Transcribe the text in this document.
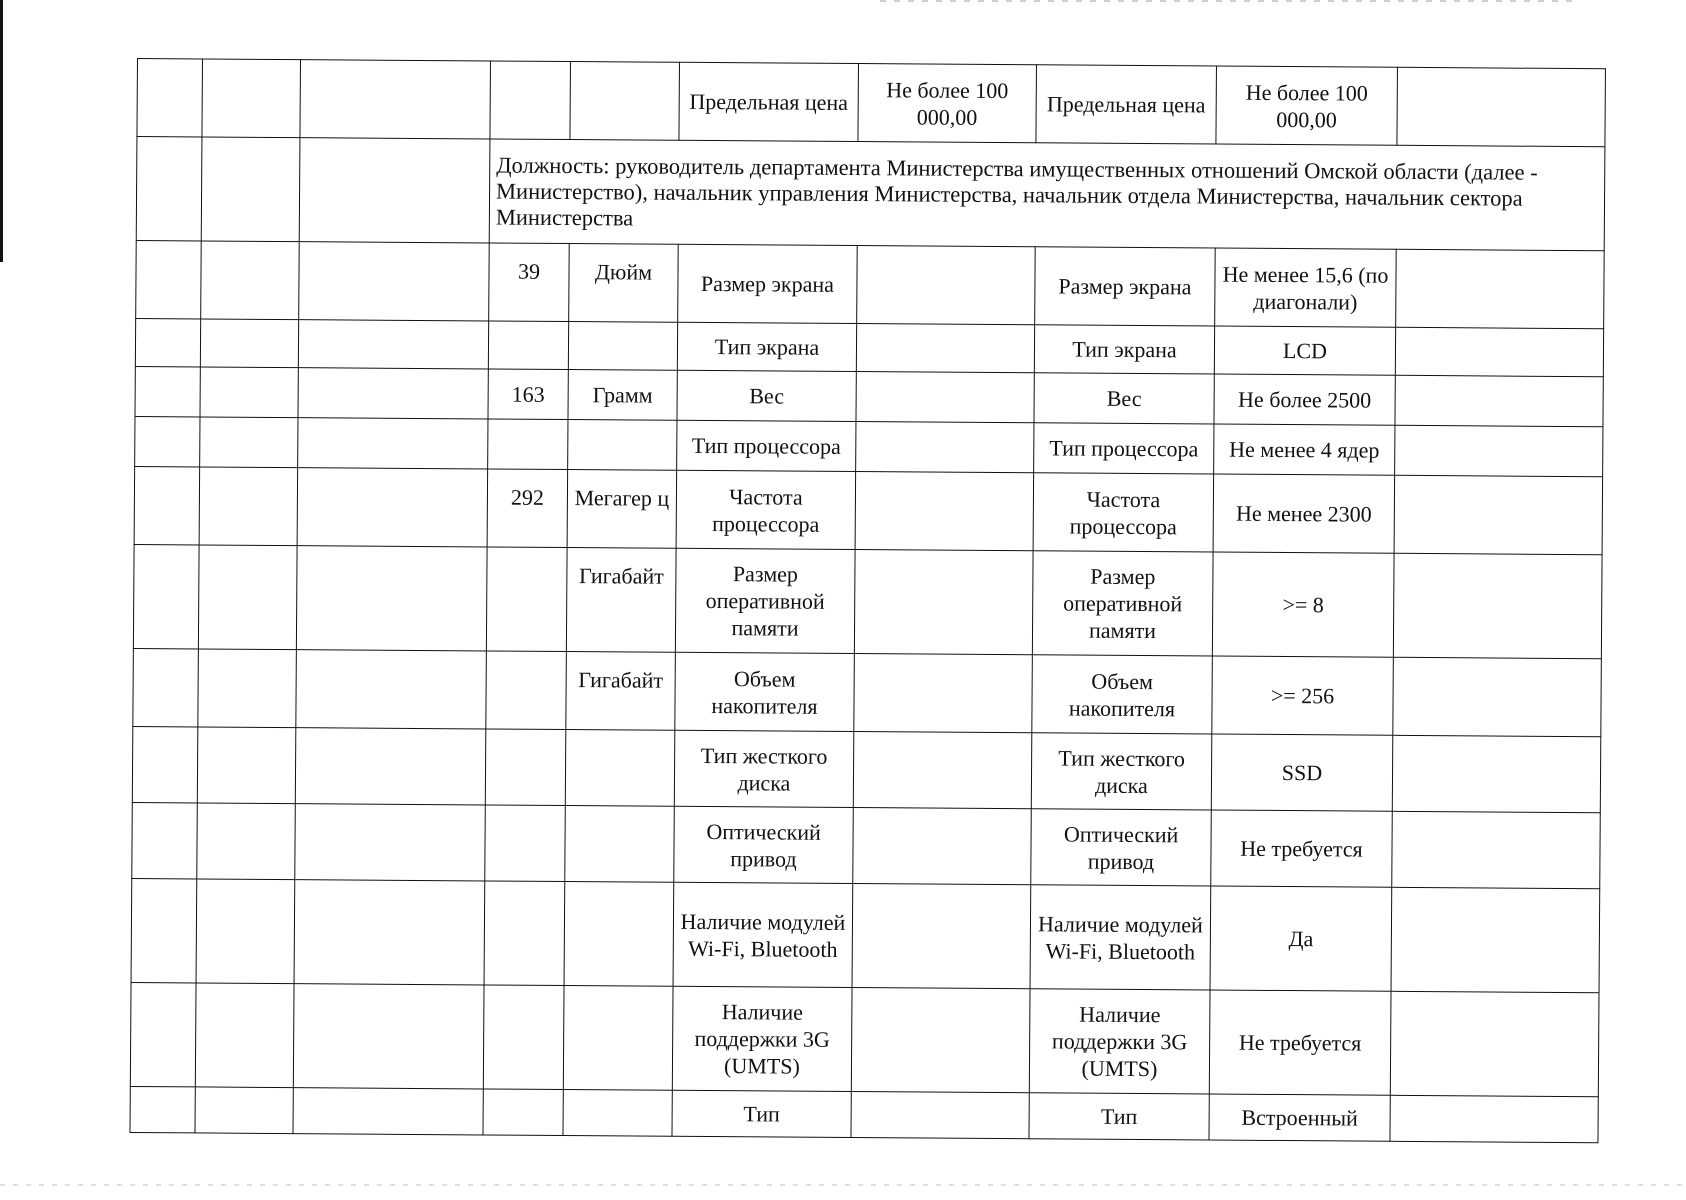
					Предельная цена	Не более 100 000,00	Предельная цена	Не более 100 000,00	
			Должность: руководитель департамента Министерства имущественных отношений Омской области (далее - Министерство), начальник управления Министерства, начальник отдела Министерства, начальник сектора Министерства						
			39	Дюйм	Размер экрана		Размер экрана	Не менее 15,6 (по диагонали)	
					Тип экрана		Тип экрана	LCD	
			163	Грамм	Вес		Вес	Не более 2500	
					Тип процессора		Тип процессора	Не менее 4 ядер	
			292	Мегагер ц	Частота процессора		Частота процессора	Не менее 2300	
				Гигабайт	Размер оперативной памяти		Размер оперативной памяти	>= 8	
				Гигабайт	Объем накопителя		Объем накопителя	>= 256	
					Тип жесткого диска		Тип жесткого диска	SSD	
					Оптический привод		Оптический привод	Не требуется	
					Наличие модулей Wi-Fi, Bluetooth		Наличие модулей Wi-Fi, Bluetooth	Да	
					Наличие поддержки 3G (UMTS)		Наличие поддержки 3G (UMTS)	Не требуется	
					Тип		Тип	Встроенный	
